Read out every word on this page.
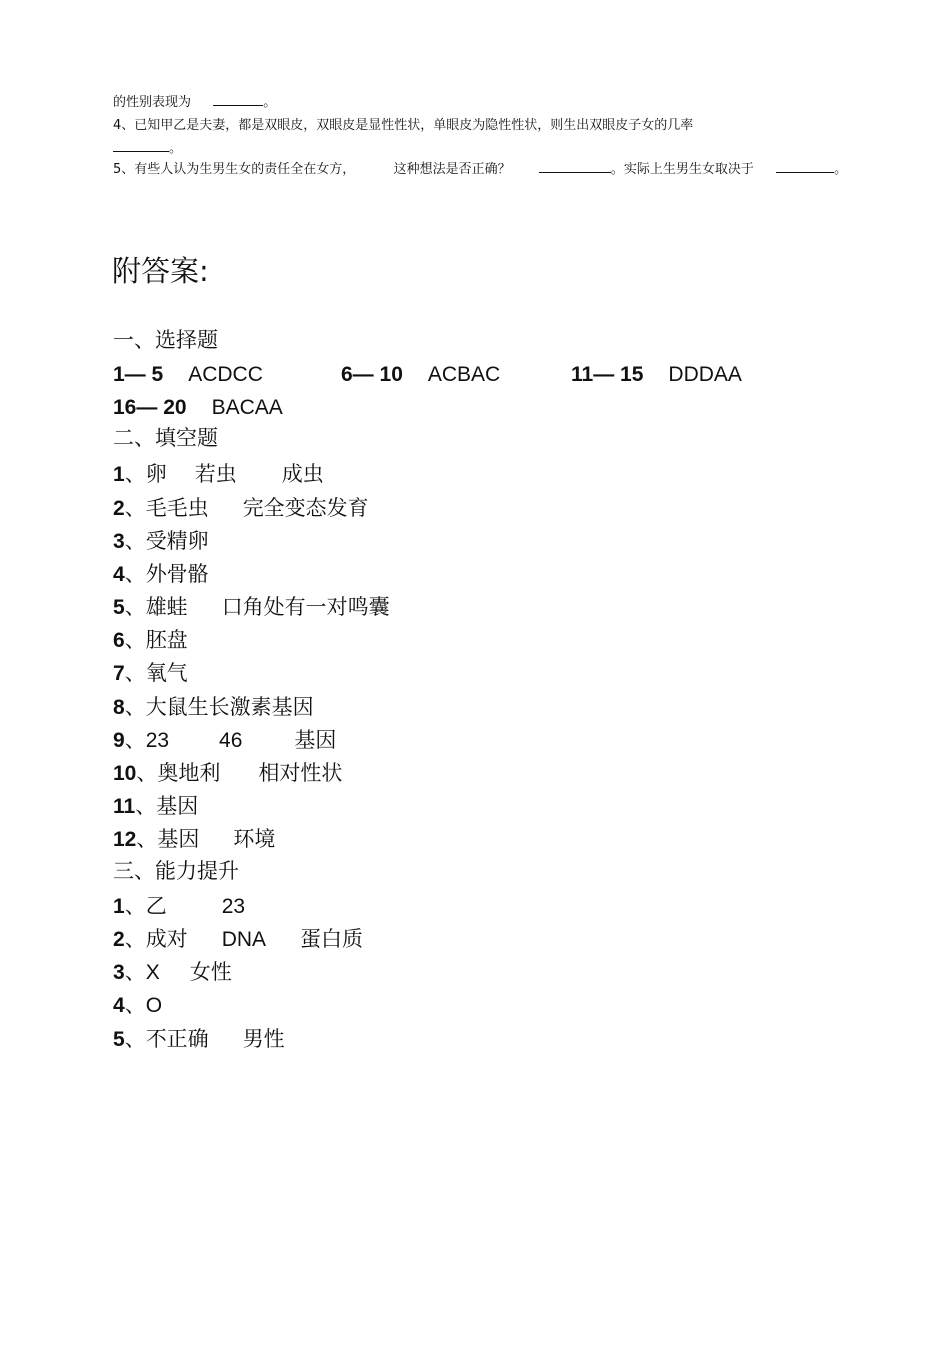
的性别表现为	。
4、已知甲乙是夫妻，都是双眼皮，双眼皮是显性性状，单眼皮为隐性性状，则生出双眼皮子女的几率
。
5、有些人认为生男生女的责任全在女方，	这种想法是否正确？	。实际上生男生女取决于	。
附答案:
一、选择题
1— 5 ACDCC	6— 10 ACBAC	11— 15 DDDAA
16— 20 BACAA
二、填空题
1、卵 若虫 成虫
2、毛毛虫 完全变态发育
3、受精卵
4、外骨骼
5、雄蛙 口角处有一对鸣囊
6、胚盘
7、氧气
8、大鼠生长激素基因
9、23 46 基因
10、奥地利 相对性状
11、基因
12、基因 环境
三、能力提升
1、乙	23
2、成对 DNA 蛋白质
3、X 女性
4、O
5、不正确 男性
